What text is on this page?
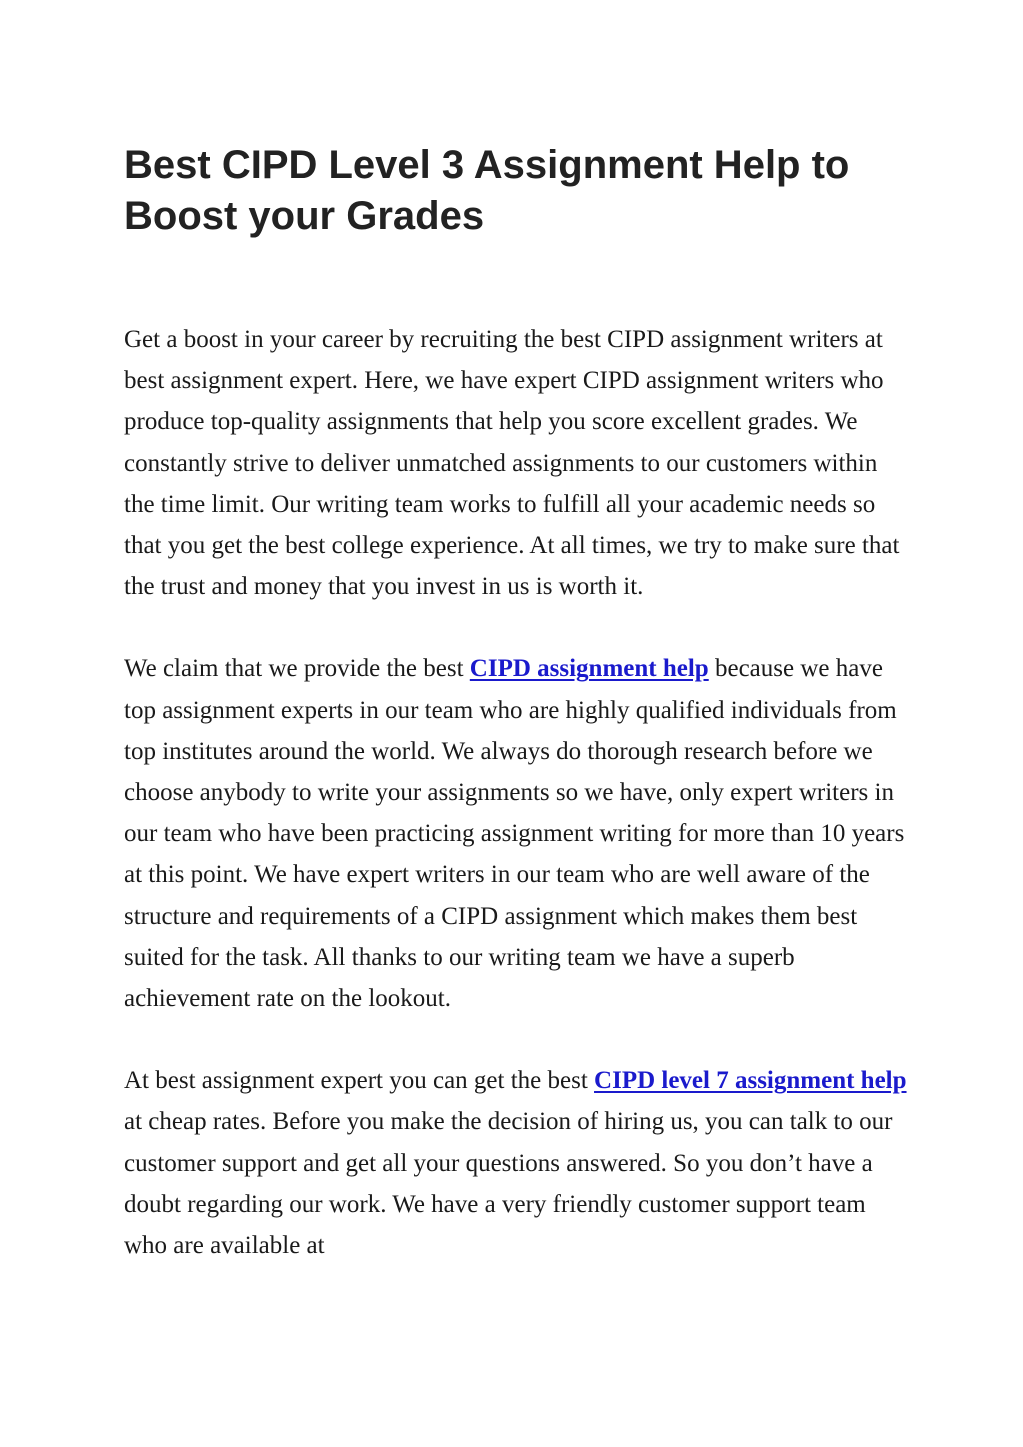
Best CIPD Level 3 Assignment Help to Boost your Grades

Get a boost in your career by recruiting the best CIPD assignment writers at best assignment expert. Here, we have expert CIPD assignment writers who produce top-quality assignments that help you score excellent grades. We constantly strive to deliver unmatched assignments to our customers within the time limit. Our writing team works to fulfill all your academic needs so that you get the best college experience. At all times, we try to make sure that the trust and money that you invest in us is worth it.

We claim that we provide the best CIPD assignment help because we have top assignment experts in our team who are highly qualified individuals from top institutes around the world. We always do thorough research before we choose anybody to write your assignments so we have, only expert writers in our team who have been practicing assignment writing for more than 10 years at this point. We have expert writers in our team who are well aware of the structure and requirements of a CIPD assignment which makes them best suited for the task. All thanks to our writing team we have a superb achievement rate on the lookout.

At best assignment expert you can get the best CIPD level 7 assignment help at cheap rates. Before you make the decision of hiring us, you can talk to our customer support and get all your questions answered. So you don’t have a doubt regarding our work. We have a very friendly customer support team who are available at
